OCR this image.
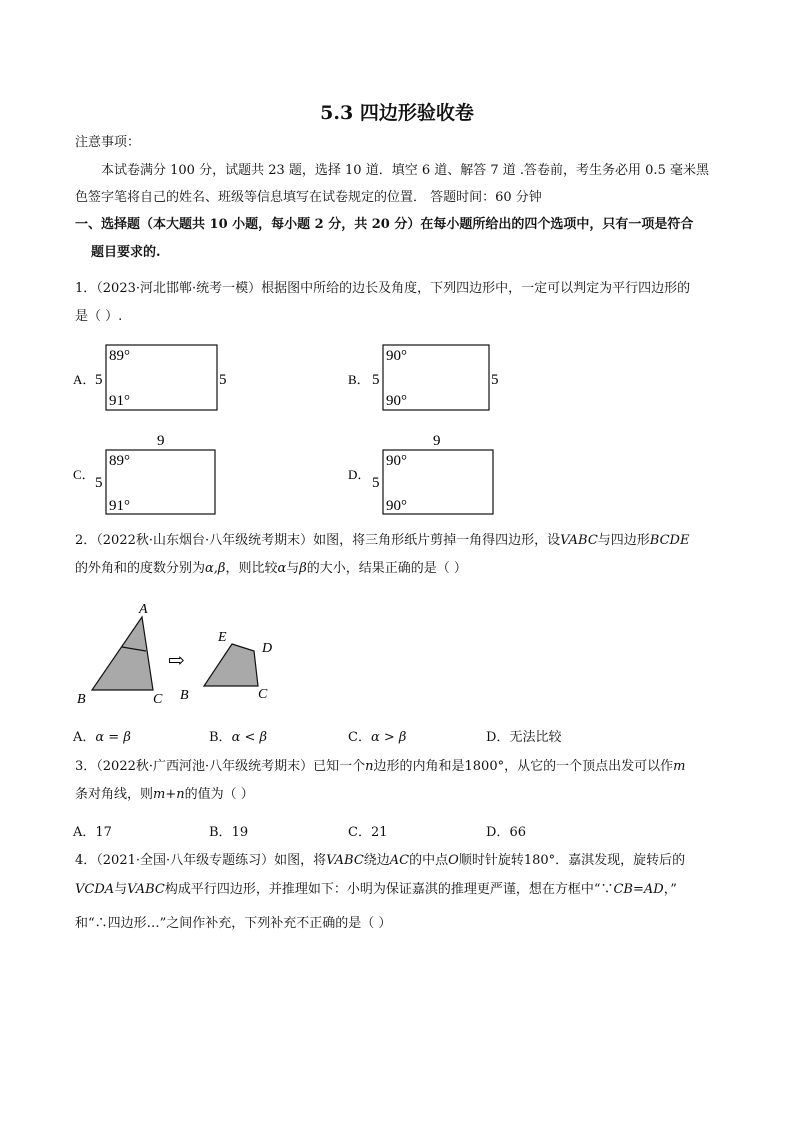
5.3 四边形验收卷
注意事项：
本试卷满分 100 分，试题共 23 题，选择 10 道．填空 6 道、解答 7 道 .答卷前，考生务必用 0.5 毫米黑
色签字笔将自己的姓名、班级等信息填写在试卷规定的位置． 答题时间：60 分钟
一、选择题（本大题共 10 小题，每小题 2 分，共 20 分）在每小题所给出的四个选项中，只有一项是符合
题目要求的.
1．（2023·河北邯郸·统考一模）根据图中所给的边长及角度，下列四边形中，一定可以判定为平行四边形的
是（ ）.
A． 5
89°
91°
5	B． 5
90°
90°
5
9
C．
5
89°
91°
9
D．
5
90°
90°
A
B	C
⇨
E
D
B	C
2．（2022秋·山东烟台·八年级统考期末）如图，将三角形纸片剪掉一角得四边形，设VABC与四边形BCDE
的外角和的度数分别为α,β，则比较α与β的大小，结果正确的是（ ）
A．α = β	B．α < β	C．α > β	D．无法比较
3．（2022秋·广西河池·八年级统考期末）已知一个n边形的内角和是1800°，从它的一个顶点出发可以作m
条对角线，则m+n的值为（ ）
A．17	B．19	C．21	D．66
4．（2021·全国·八年级专题练习）如图，将VABC绕边AC的中点O顺时针旋转180°．嘉淇发现，旋转后的
VCDA与VABC构成平行四边形，并推理如下：小明为保证嘉淇的推理更严谨，想在方框中“∵CB=AD，”
和“∴四边形…”之间作补充，下列补充不正确的是（ ）
